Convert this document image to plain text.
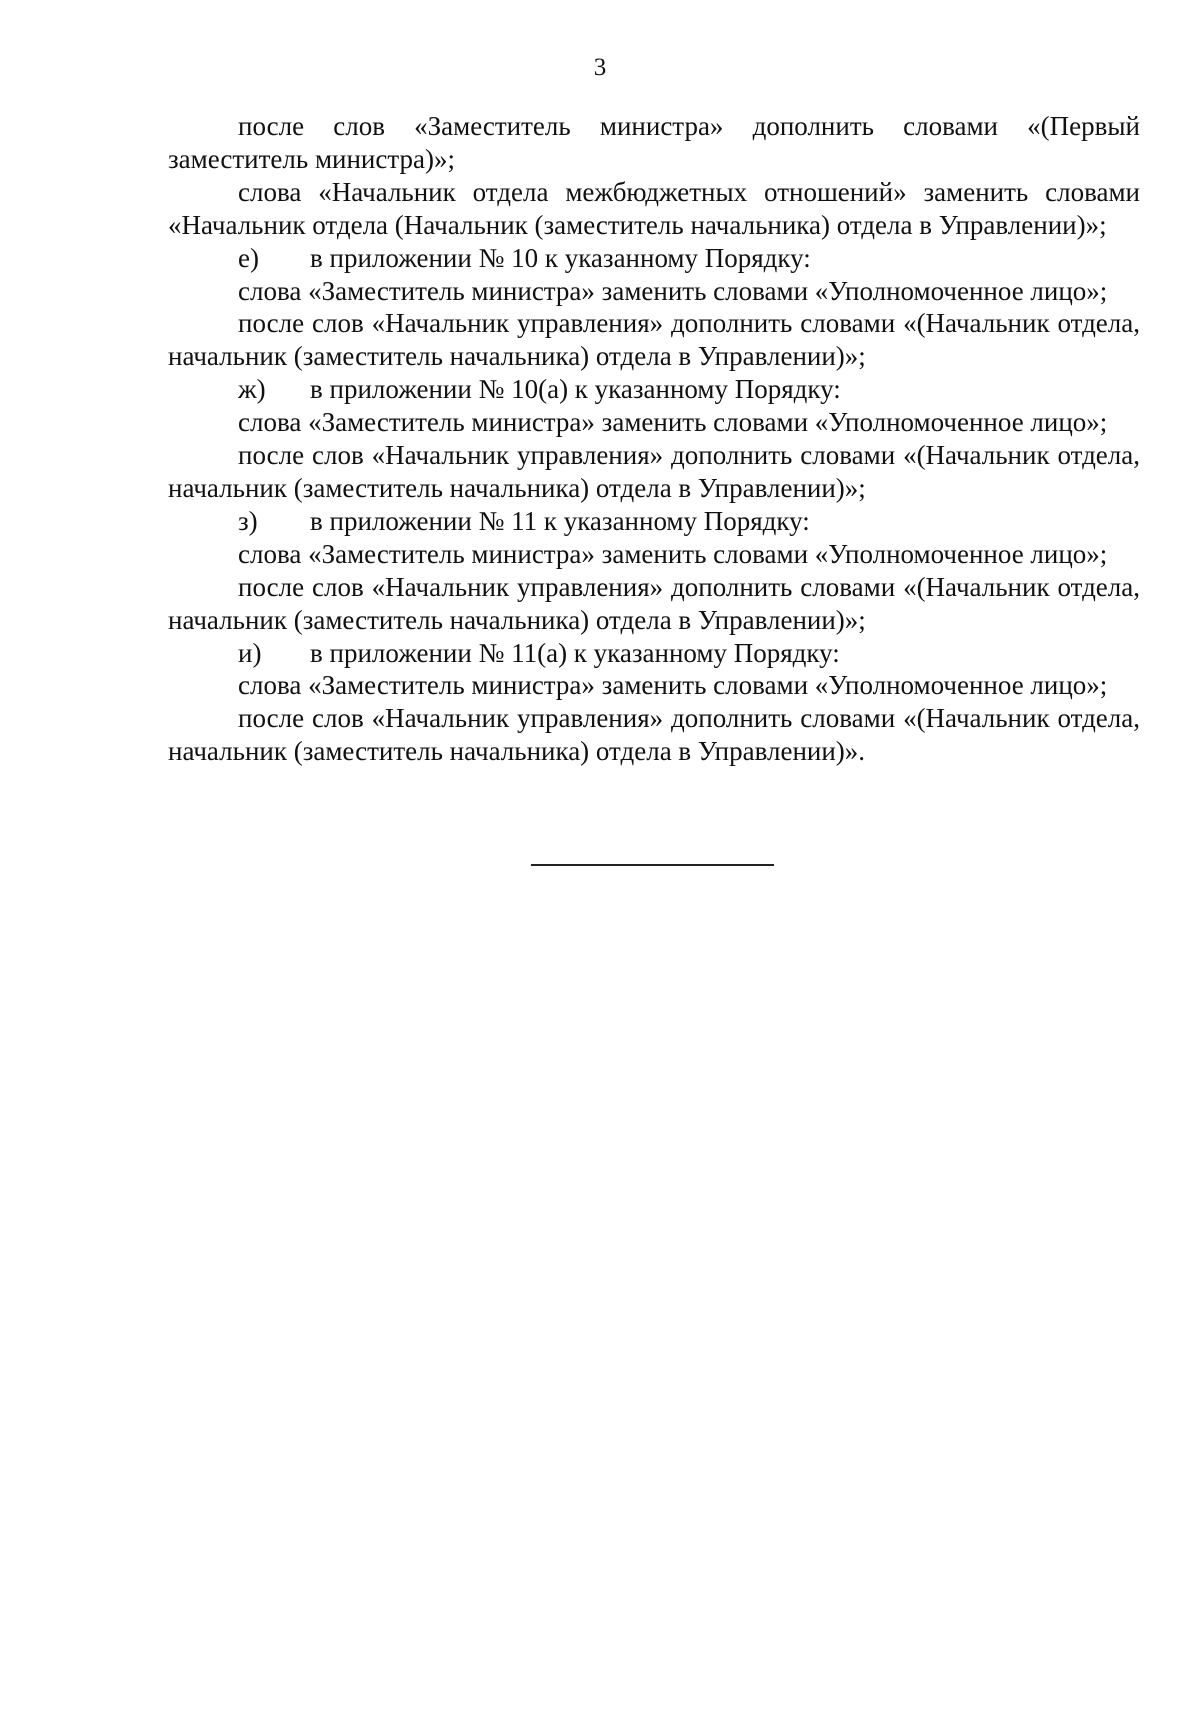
3

после слов «Заместитель министра» дополнить словами «(Первый заместитель министра)»;

слова «Начальник отдела межбюджетных отношений» заменить словами «Начальник отдела (Начальник (заместитель начальника) отдела в Управлении)»;

е) в приложении № 10 к указанному Порядку:

слова «Заместитель министра» заменить словами «Уполномоченное лицо»;

после слов «Начальник управления» дополнить словами «(Начальник отдела, начальник (заместитель начальника) отдела в Управлении)»;

ж) в приложении № 10(а) к указанному Порядку:

слова «Заместитель министра» заменить словами «Уполномоченное лицо»;

после слов «Начальник управления» дополнить словами «(Начальник отдела, начальник (заместитель начальника) отдела в Управлении)»;

з) в приложении № 11 к указанному Порядку:

слова «Заместитель министра» заменить словами «Уполномоченное лицо»;

после слов «Начальник управления» дополнить словами «(Начальник отдела, начальник (заместитель начальника) отдела в Управлении)»;

и) в приложении № 11(а) к указанному Порядку:

слова «Заместитель министра» заменить словами «Уполномоченное лицо»;

после слов «Начальник управления» дополнить словами «(Начальник отдела, начальник (заместитель начальника) отдела в Управлении)».
